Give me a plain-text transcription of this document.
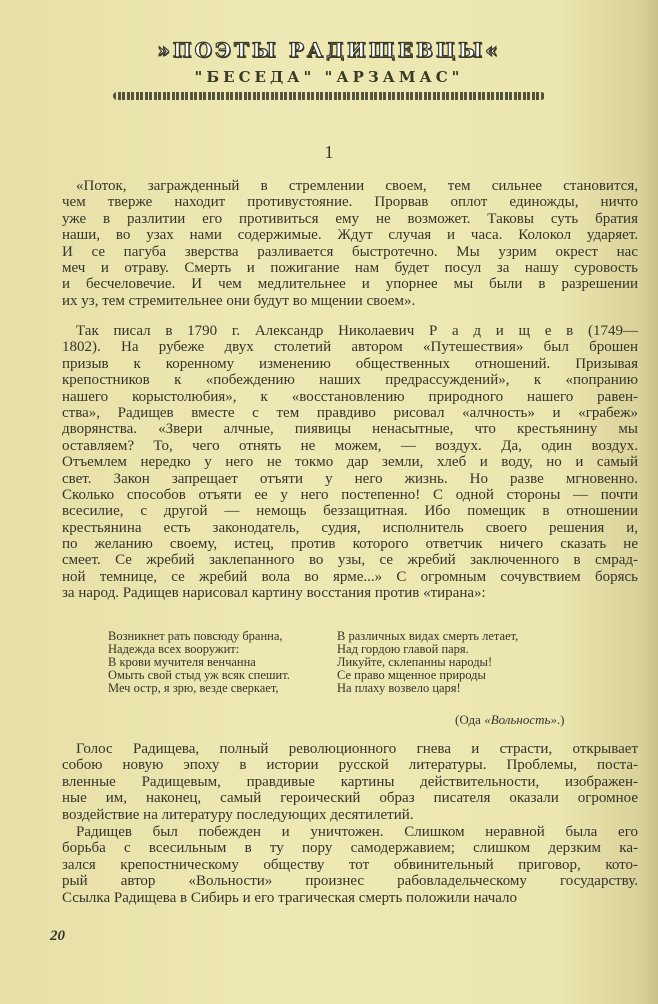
»ПОЭТЫ РАДИЩЕВЦЫ«
"БЕСЕДА" "АРЗАМАС"
1
«Поток, загражденный в стремлении своем, тем сильнее становится,
чем тверже находит противустояние. Прорвав оплот единожды, ничто
уже в разлитии его противиться ему не возможет. Таковы суть братия
наши, во узах нами содержимые. Ждут случая и часа. Колокол ударяет.
И се пагуба зверства разливается быстротечно. Мы узрим окрест нас
меч и отраву. Смерть и пожигание нам будет посул за нашу суровость
и бесчеловечие. И чем медлительнее и упорнее мы были в разрешении
их уз, тем стремительнее они будут во мщении своем».
Так писал в 1790 г. Александр Николаевич Р а д и щ е в (1749—
1802). На рубеже двух столетий автором «Путешествия» был брошен
призыв к коренному изменению общественных отношений. Призывая
крепостников к «побеждению наших предрассуждений», к «попранию
нашего корыстолюбия», к «восстановлению природного нашего равен-
ства», Радищев вместе с тем правдиво рисовал «алчность» и «грабеж»
дворянства. «Звери алчные, пиявицы ненасытные, что крестьянину мы
оставляем? То, чего отнять не можем, — воздух. Да, один воздух.
Отъемлем нередко у него не токмо дар земли, хлеб и воду, но и самый
свет. Закон запрещает отъяти у него жизнь. Но разве мгновенно.
Сколько способов отъяти ее у него постепенно! С одной стороны — почти
всесилие, с другой — немощь беззащитная. Ибо помещик в отношении
крестьянина есть законодатель, судия, исполнитель своего решения и,
по желанию своему, истец, против которого ответчик ничего сказать не
смеет. Се жребий заклепанного во узы, се жребий заключенного в смрад-
ной темнице, се жребий вола во ярме...» С огромным сочувствием борясь
за народ. Радищев нарисовал картину восстания против «тирана»:
Возникнет рать повсюду бранна,
Надежда всех вооружит:
В крови мучителя венчанна
Омыть свой стыд уж всяк спешит.
Меч остр, я зрю, везде сверкает,
В различных видах смерть летает,
Над гордою главой паря.
Ликуйте, склепанны народы!
Се право мщенное природы
На плаху возвело царя!
(Ода «Вольность».)
Голос Радищева, полный революционного гнева и страсти, открывает
собою новую эпоху в истории русской литературы. Проблемы, поста-
вленные Радищевым, правдивые картины действительности, изображен-
ные им, наконец, самый героический образ писателя оказали огромное
воздействие на литературу последующих десятилетий.
Радищев был побежден и уничтожен. Слишком неравной была его
борьба с всесильным в ту пору самодержавием; слишком дерзким ка-
зался крепостническому обществу тот обвинительный приговор, кото-
рый автор «Вольности» произнес рабовладельческому государству.
Ссылка Радищева в Сибирь и его трагическая смерть положили начало
20
